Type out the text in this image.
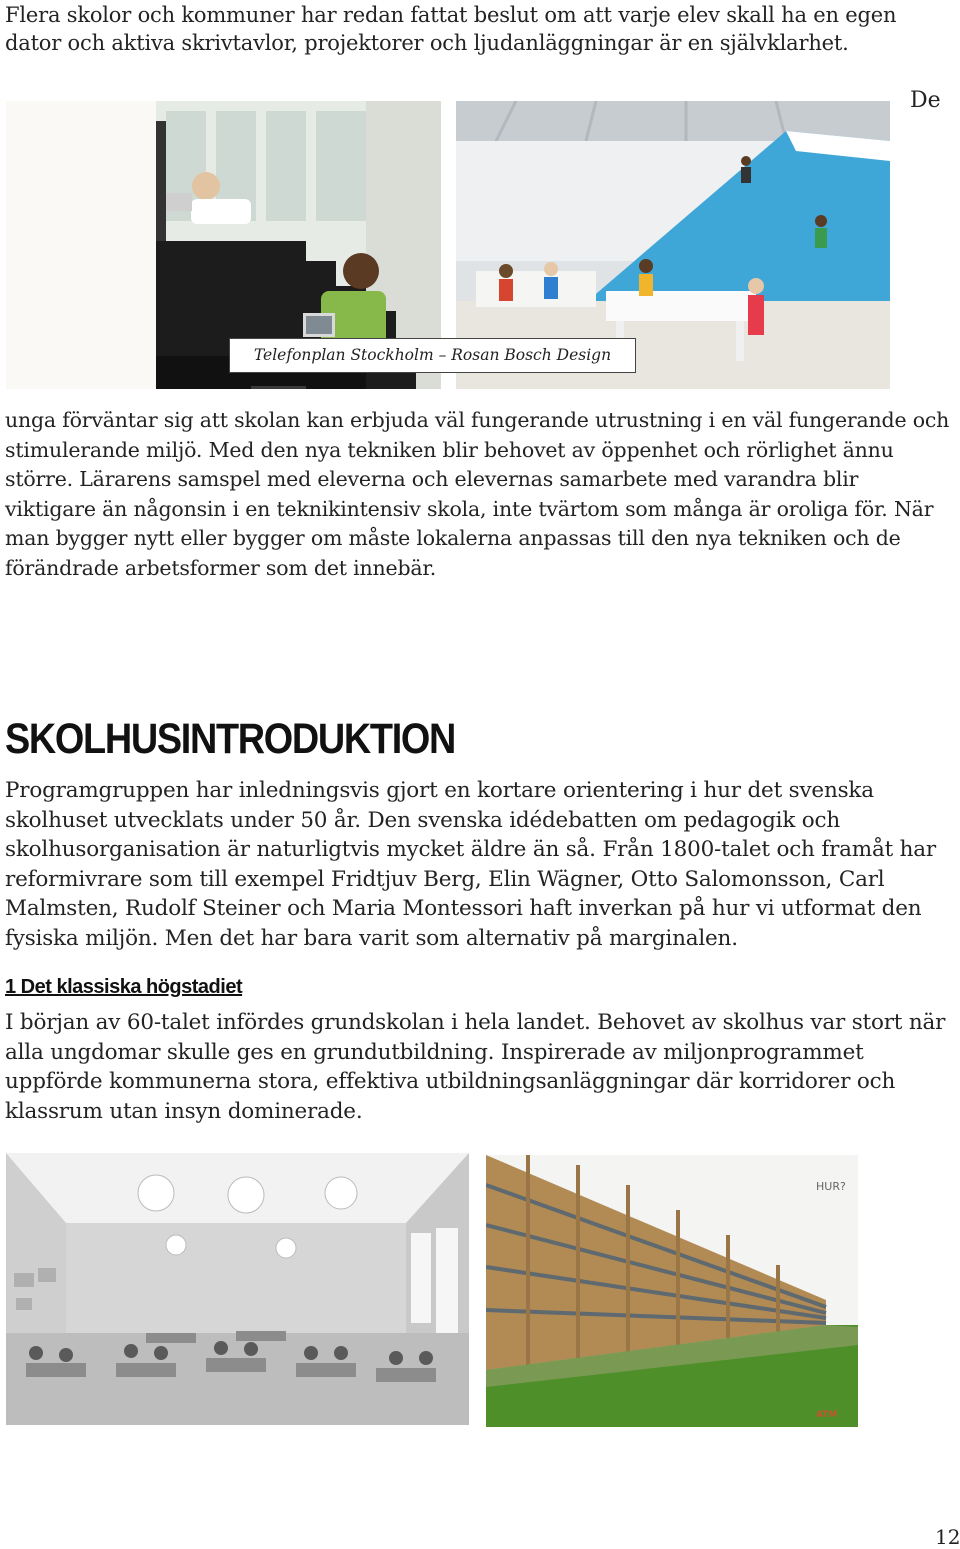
Flera skolor och kommuner har redan fattat beslut om att varje elev skall ha en egen dator och aktiva skrivtavlor, projektorer och ljudanläggningar är en självklarhet.

De
Telefonplan Stockholm – Rosan Bosch Design

unga förväntar sig att skolan kan erbjuda väl fungerande utrustning i en väl fungerande och stimulerande miljö. Med den nya tekniken blir behovet av öppenhet och rörlighet ännu större. Lärarens samspel med eleverna och elevernas samarbete med varandra blir viktigare än någonsin i en teknikintensiv skola, inte tvärtom som många är oroliga för. När man bygger nytt eller bygger om måste lokalerna anpassas till den nya tekniken och de förändrade arbetsformer som det innebär.

SKOLHUSINTRODUKTION

Programgruppen har inledningsvis gjort en kortare orientering i hur det svenska skolhuset utvecklats under 50 år. Den svenska idédebatten om pedagogik och skolhusorganisation är naturligtvis mycket äldre än så. Från 1800-talet och framåt har reformivrare som till exempel Fridtjuv Berg, Elin Wägner, Otto Salomonsson, Carl Malmsten, Rudolf Steiner och Maria Montessori haft inverkan på hur vi utformat den fysiska miljön. Men det har bara varit som alternativ på marginalen.

1 Det klassiska högstadiet

I början av 60-talet infördes grundskolan i hela landet. Behovet av skolhus var stort när alla ungdomar skulle ges en grundutbildning. Inspirerade av miljonprogrammet uppförde kommunerna stora, effektiva utbildningsanläggningar där korridorer och klassrum utan insyn dominerade.

HUR?
ATM
12
